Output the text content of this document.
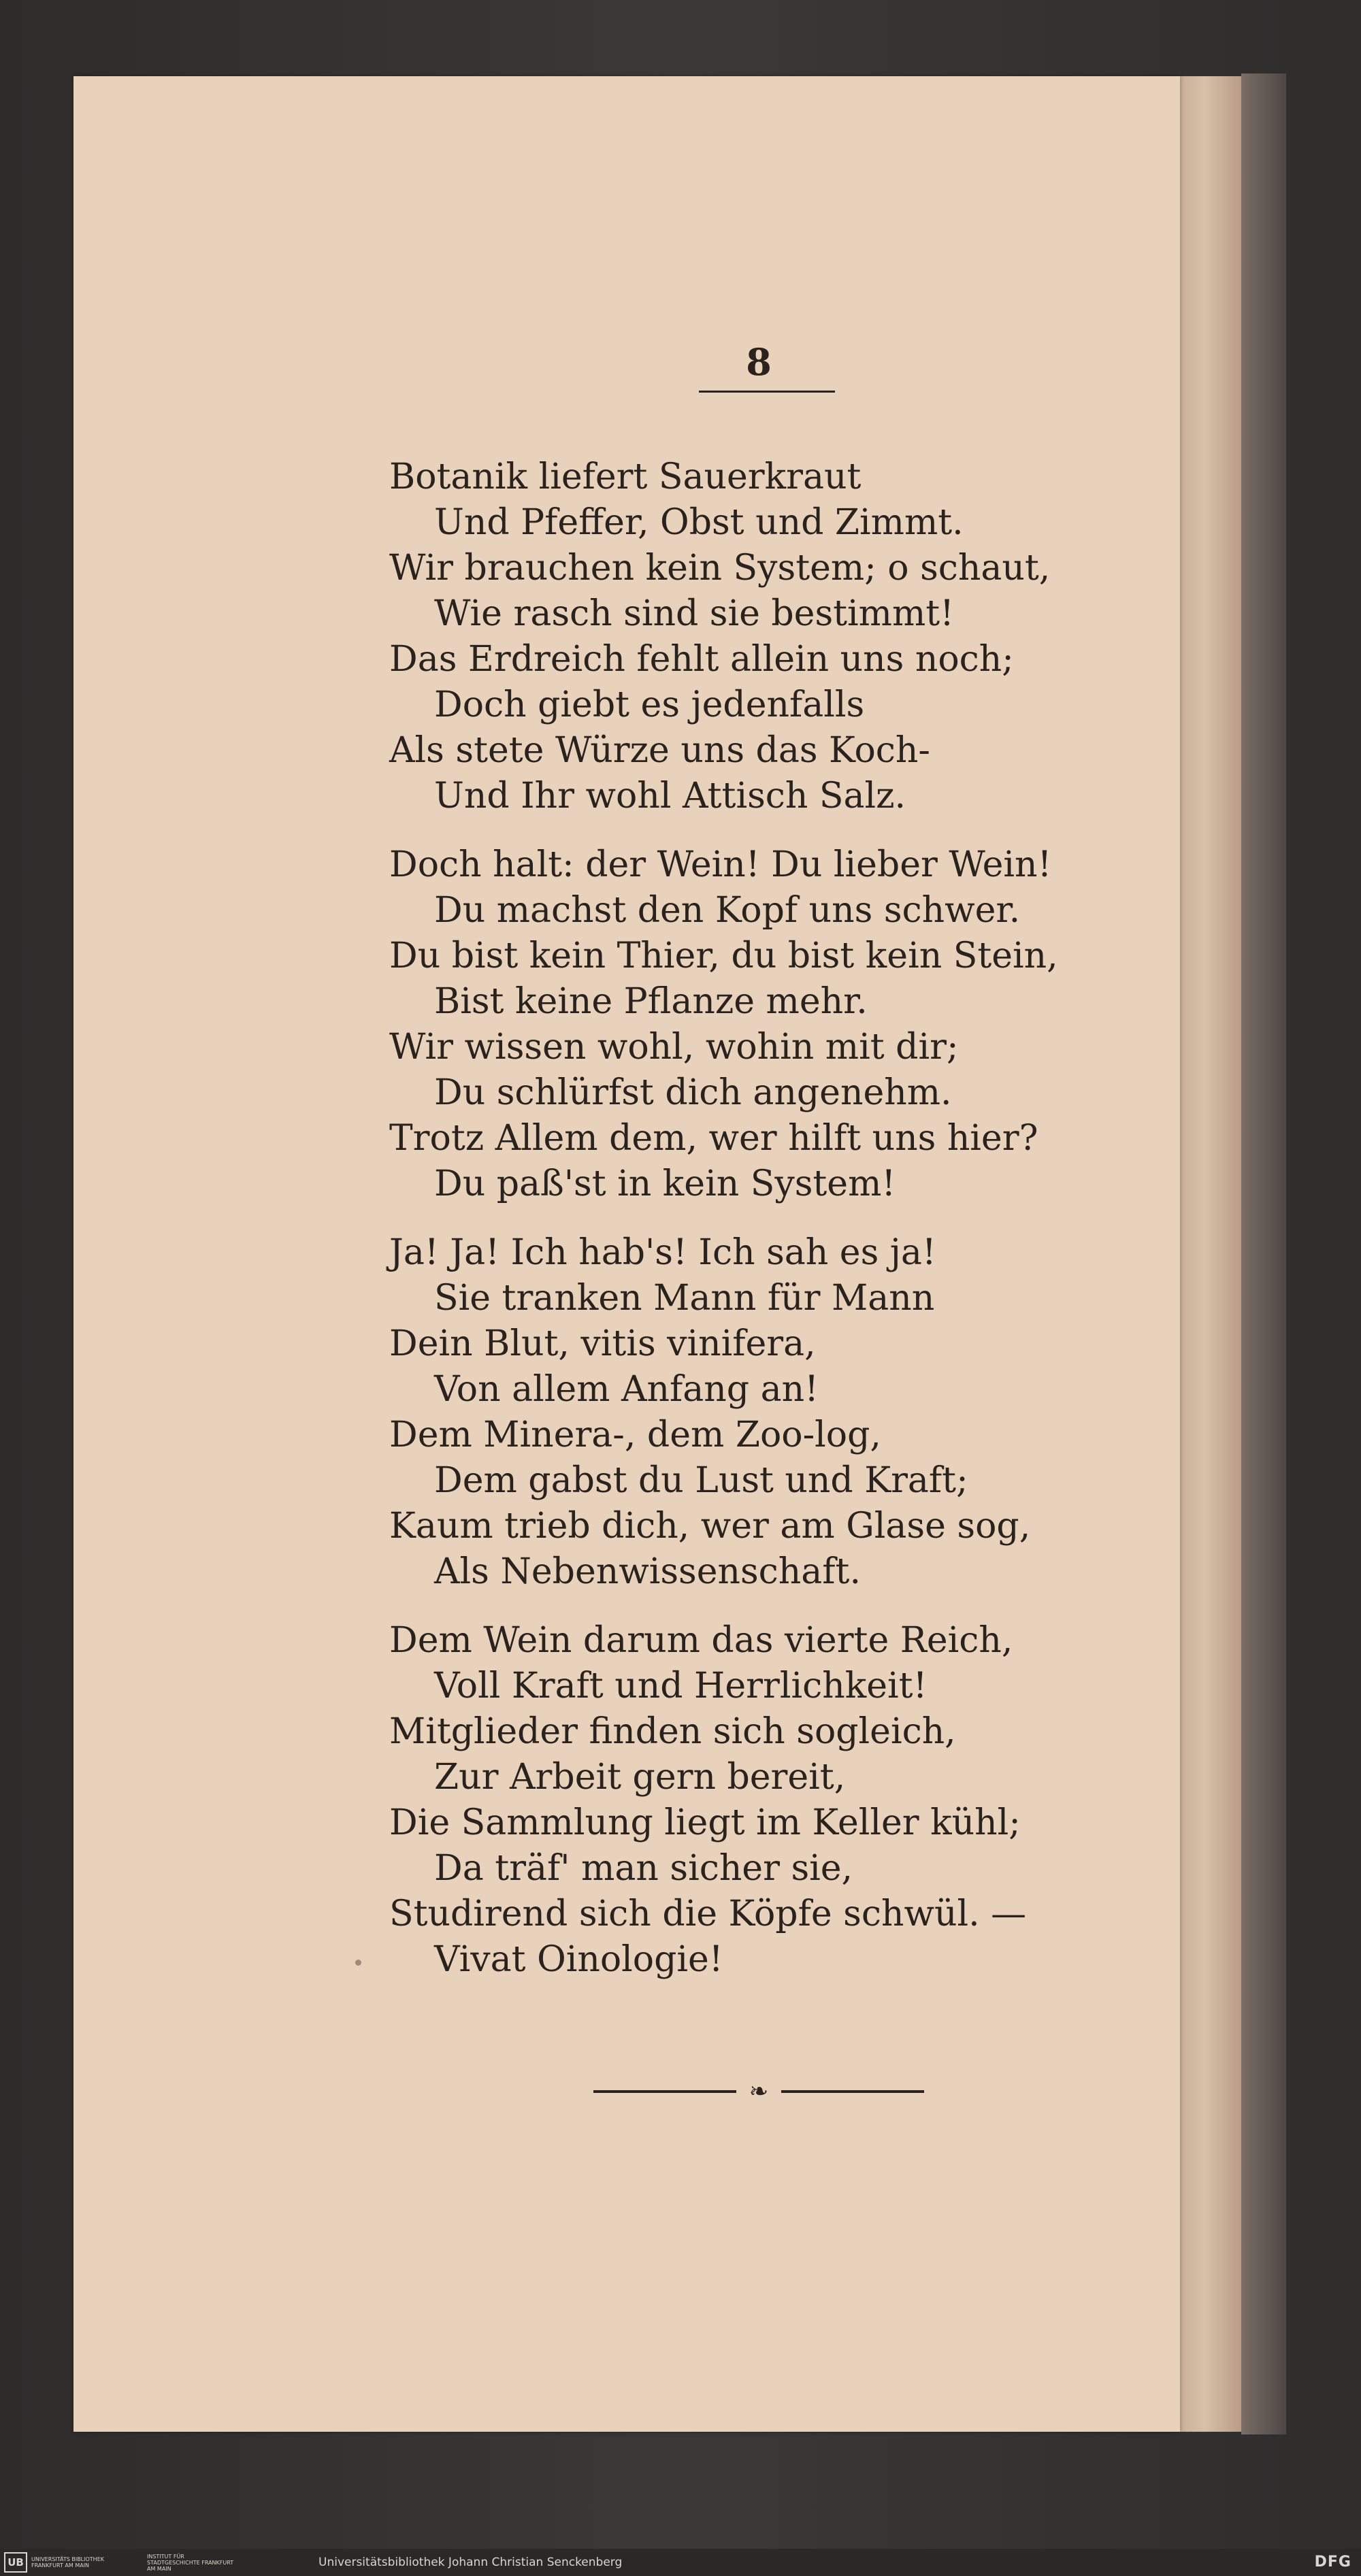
8
Botanik liefert Sauerkraut
Und Pfeffer, Obst und Zimmt.
Wir brauchen kein System; o schaut,
Wie rasch sind sie bestimmt!
Das Erdreich fehlt allein uns noch;
Doch giebt es jedenfalls
Als stete Würze uns das Koch-
Und Ihr wohl Attisch Salz.
Doch halt: der Wein! Du lieber Wein!
Du machst den Kopf uns schwer.
Du bist kein Thier, du bist kein Stein,
Bist keine Pflanze mehr.
Wir wissen wohl, wohin mit dir;
Du schlürfst dich angenehm.
Trotz Allem dem, wer hilft uns hier?
Du paß'st in kein System!
Ja! Ja! Ich hab's! Ich sah es ja!
Sie tranken Mann für Mann
Dein Blut, vitis vinifera,
Von allem Anfang an!
Dem Minera-, dem Zoo-log,
Dem gabst du Lust und Kraft;
Kaum trieb dich, wer am Glase sog,
Als Nebenwissenschaft.
Dem Wein darum das vierte Reich,
Voll Kraft und Herrlichkeit!
Mitglieder finden sich sogleich,
Zur Arbeit gern bereit,
Die Sammlung liegt im Keller kühl;
Da träf' man sicher sie,
Studirend sich die Köpfe schwül. —
Vivat Oinologie!
❧
UB	UNIVERSITÄTS BIBLIOTHEK FRANKFURT AM MAIN
INSTITUT FÜR STADTGESCHICHTE FRANKFURT AM MAIN	Universitätsbibliothek Johann Christian Senckenberg	DFG
